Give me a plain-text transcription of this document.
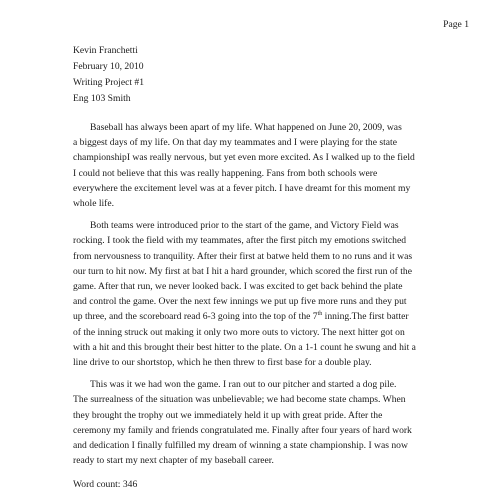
Page 1
Kevin Franchetti
February 10, 2010
Writing Project #1
Eng 103 Smith
Baseball has always been apart of my life. What happened on June 20, 2009, was
a biggest days of my life. On that day my teammates and I were playing for the state
championshipI was really nervous, but yet even more excited. As I walked up to the field
I could not believe that this was really happening. Fans from both schools were
everywhere the excitement level was at a fever pitch. I have dreamt for this moment my
whole life.
Both teams were introduced prior to the start of the game, and Victory Field was
rocking. I took the field with my teammates, after the first pitch my emotions switched
from nervousness to tranquility. After their first at batwe held them to no runs and it was
our turn to hit now. My first at bat I hit a hard grounder, which scored the first run of the
game. After that run, we never looked back. I was excited to get back behind the plate
and control the game. Over the next few innings we put up five more runs and they put
up three, and the scoreboard read 6-3 going into the top of the 7th inning.The first batter
of the inning struck out making it only two more outs to victory. The next hitter got on
with a hit and this brought their best hitter to the plate. On a 1-1 count he swung and hit a
line drive to our shortstop, which he then threw to first base for a double play.
This was it we had won the game. I ran out to our pitcher and started a dog pile.
The surrealness of the situation was unbelievable; we had become state champs. When
they brought the trophy out we immediately held it up with great pride. After the
ceremony my family and friends congratulated me. Finally after four years of hard work
and dedication I finally fulfilled my dream of winning a state championship. I was now
ready to start my next chapter of my baseball career.
Word count: 346
